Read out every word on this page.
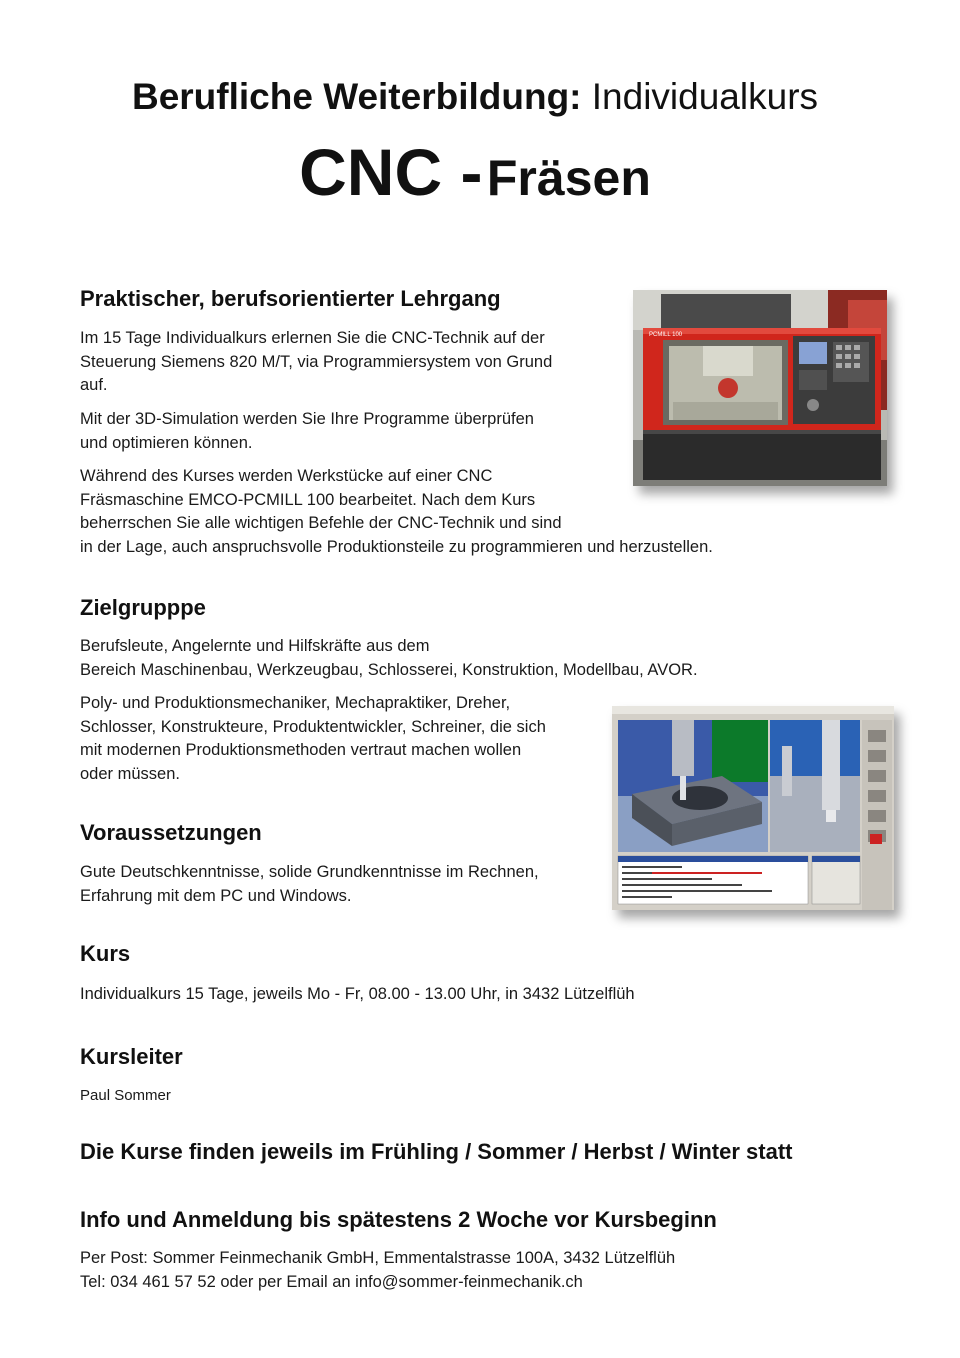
Berufliche Weiterbildung: Individualkurs
CNC - Fräsen
Praktischer, berufsorientierter Lehrgang
Im 15 Tage Individualkurs erlernen Sie die CNC-Technik auf der
Steuerung Siemens 820 M/T, via Programmiersystem von Grund
auf.
Mit der 3D-Simulation werden Sie Ihre Programme überprüfen
und optimieren können.
Während des Kurses werden Werkstücke auf einer CNC
Fräsmaschine EMCO-PCMILL 100 bearbeitet. Nach dem Kurs
beherrschen Sie alle wichtigen Befehle der CNC-Technik und sind
in der Lage, auch anspruchsvolle Produktionsteile zu programmieren und herzustellen.
PCMILL 100
Zielgrupppe
Berufsleute, Angelernte und Hilfskräfte aus dem
Bereich Maschinenbau, Werkzeugbau, Schlosserei, Konstruktion, Modellbau, AVOR.
Poly- und Produktionsmechaniker, Mechapraktiker, Dreher,
Schlosser, Konstrukteure, Produktentwickler, Schreiner, die sich
mit modernen Produktionsmethoden vertraut machen wollen
oder müssen.
Voraussetzungen
Gute Deutschkenntnisse, solide Grundkenntnisse im Rechnen,
Erfahrung mit dem PC und Windows.
Kurs
Individualkurs 15 Tage, jeweils Mo - Fr, 08.00 - 13.00 Uhr, in 3432 Lützelflüh
Kursleiter
Paul Sommer
Die Kurse finden jeweils im Frühling / Sommer / Herbst / Winter statt
Info und Anmeldung bis spätestens 2 Woche vor Kursbeginn
Per Post: Sommer Feinmechanik GmbH, Emmentalstrasse 100A, 3432 Lützelflüh
Tel: 034 461 57 52 oder per Email an info@sommer-feinmechanik.ch
